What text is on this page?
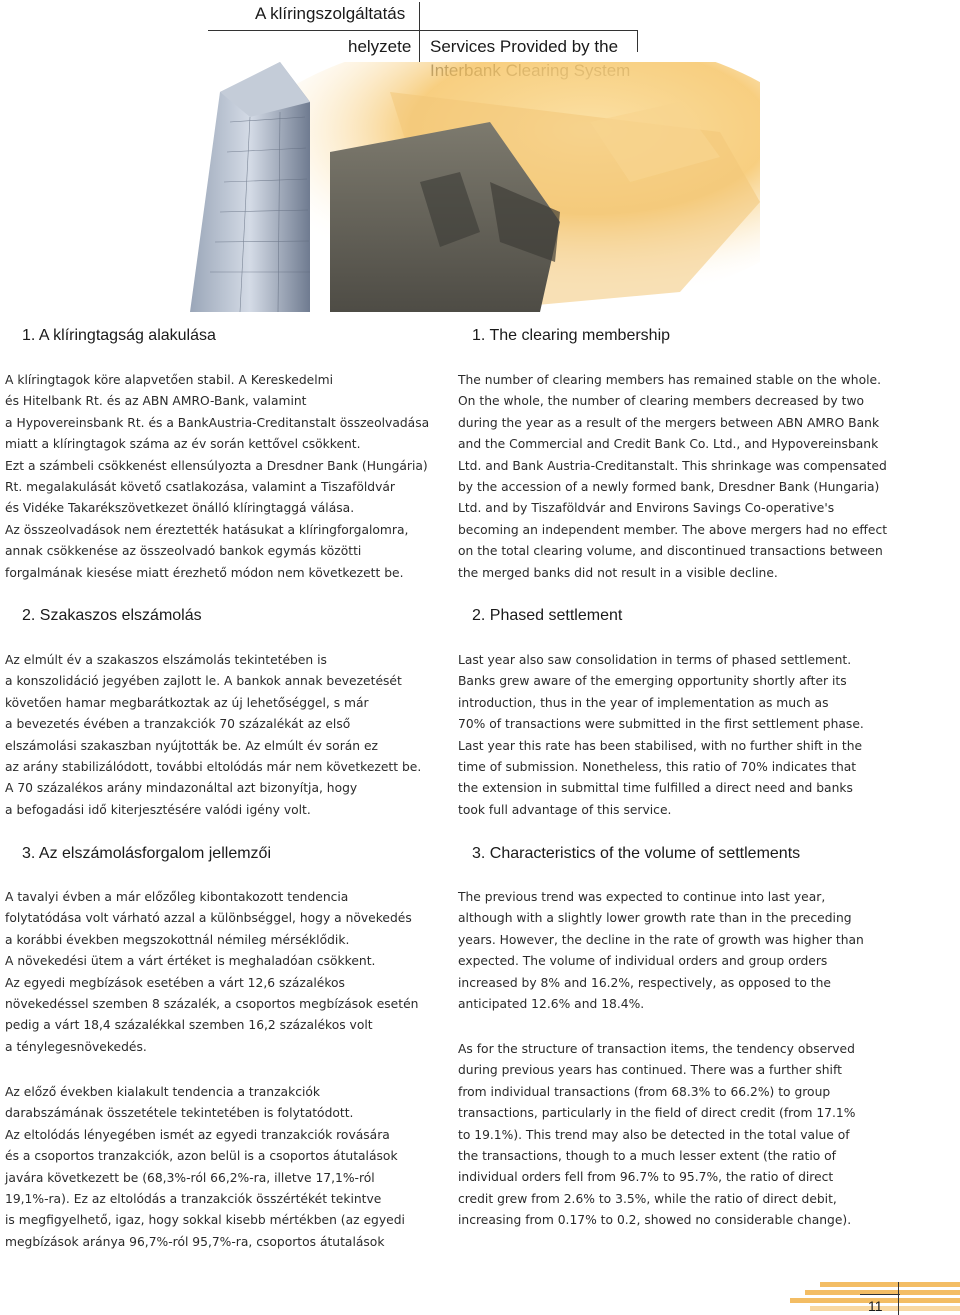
A klíringszolgáltatás
helyzete Services Provided by the
1. A klíringtagság alakulása
A klíringtagok köre alapvetően stabil. A Kereskedelmi
és Hitelbank Rt. és az ABN AMRO-Bank, valamint
a Hypovereinsbank Rt. és a BankAustria-Creditanstalt összeolvadása
miatt a klíringtagok száma az év során kettővel csökkent.
Ezt a számbeli csökkenést ellensúlyozta a Dresdner Bank (Hungária)
Rt. megalakulását követő csatlakozása, valamint a Tiszaföldvár
és Vidéke Takarékszövetkezet önálló klíringtaggá válása.
Az összeolvadások nem éreztették hatásukat a klíringforgalomra,
annak csökkenése az összeolvadó bankok egymás közötti
forgalmának kiesése miatt érezhető módon nem következett be.
2. Szakaszos elszámolás
Az elmúlt év a szakaszos elszámolás tekintetében is
a konszolidáció jegyében zajlott le. A bankok annak bevezetését
követően hamar megbarátkoztak az új lehetőséggel, s már
a bevezetés évében a tranzakciók 70 százalékát az első
elszámolási szakaszban nyújtották be. Az elmúlt év során ez
az arány stabilizálódott, további eltolódás már nem következett be.
A 70 százalékos arány mindazonáltal azt bizonyítja, hogy
a befogadási idő kiterjesztésére valódi igény volt.
3. Az elszámolásforgalom jellemzői
A tavalyi évben a már előzőleg kibontakozott tendencia
folytatódása volt várható azzal a különbséggel, hogy a növekedés
a korábbi években megszokottnál némileg mérséklődik.
A növekedési ütem a várt értéket is meghaladóan csökkent.
Az egyedi megbízások esetében a várt 12,6 százalékos
növekedéssel szemben 8 százalék, a csoportos megbízások esetén
pedig a várt 18,4 százalékkal szemben 16,2 százalékos volt
a ténylegesnövekedés.
Az előző években kialakult tendencia a tranzakciók
darabszámának összetétele tekintetében is folytatódott.
Az eltolódás lényegében ismét az egyedi tranzakciók rovására
és a csoportos tranzakciók, azon belül is a csoportos átutalások
javára következett be (68,3%-ról 66,2%-ra, illetve 17,1%-ról
19,1%-ra). Ez az eltolódás a tranzakciók összértékét tekintve
is megfigyelhető, igaz, hogy sokkal kisebb mértékben (az egyedi
megbízások aránya 96,7%-ról 95,7%-ra, csoportos átutalások
1. The clearing membership
The number of clearing members has remained stable on the whole.
On the whole, the number of clearing members decreased by two
during the year as a result of the mergers between ABN AMRO Bank
and the Commercial and Credit Bank Co. Ltd., and Hypovereinsbank
Ltd. and Bank Austria-Creditanstalt. This shrinkage was compensated
by the accession of a newly formed bank, Dresdner Bank (Hungaria)
Ltd. and by Tiszaföldvár and Environs Savings Co-operative's
becoming an independent member. The above mergers had no effect
on the total clearing volume, and discontinued transactions between
the merged banks did not result in a visible decline.
2. Phased settlement
Last year also saw consolidation in terms of phased settlement.
Banks grew aware of the emerging opportunity shortly after its
introduction, thus in the year of implementation as much as
70% of transactions were submitted in the first settlement phase.
Last year this rate has been stabilised, with no further shift in the
time of submission. Nonetheless, this ratio of 70% indicates that
the extension in submittal time fulfilled a direct need and banks
took full advantage of this service.
3. Characteristics of the volume of settlements
The previous trend was expected to continue into last year,
although with a slightly lower growth rate than in the preceding
years. However, the decline in the rate of growth was higher than
expected. The volume of individual orders and group orders
increased by 8% and 16.2%, respectively, as opposed to the
anticipated 12.6% and 18.4%.
As for the structure of transaction items, the tendency observed
during previous years has continued. There was a further shift
from individual transactions (from 68.3% to 66.2%) to group
transactions, particularly in the field of direct credit (from 17.1%
to 19.1%). This trend may also be detected in the total value of
the transactions, though to a much lesser extent (the ratio of
individual orders fell from 96.7% to 95.7%, the ratio of direct
credit grew from 2.6% to 3.5%, while the ratio of direct debit,
increasing from 0.17% to 0.2, showed no considerable change).
11
